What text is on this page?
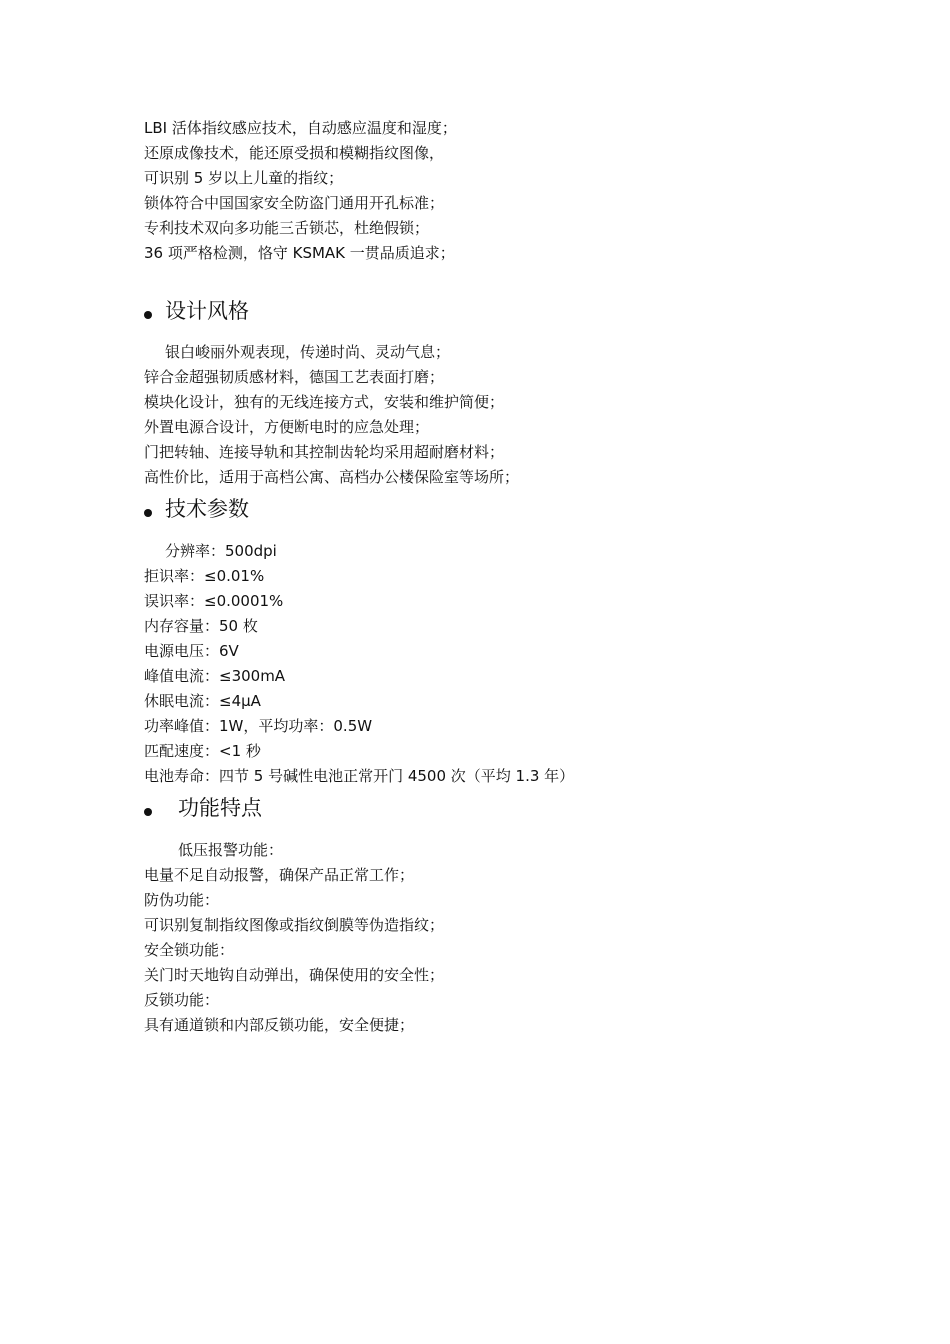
LBI 活体指纹感应技术，自动感应温度和湿度；
还原成像技术，能还原受损和模糊指纹图像，
可识别 5 岁以上儿童的指纹；
锁体符合中国国家安全防盗门通用开孔标准；
专利技术双向多功能三舌锁芯，杜绝假锁；
36 项严格检测，恪守 KSMAK 一贯品质追求；
设计风格
银白峻丽外观表现，传递时尚、灵动气息；
锌合金超强韧质感材料，德国工艺表面打磨；
模块化设计，独有的无线连接方式，安装和维护简便；
外置电源合设计，方便断电时的应急处理；
门把转轴、连接导轨和其控制齿轮均采用超耐磨材料；
高性价比，适用于高档公寓、高档办公楼保险室等场所；
技术参数
分辨率：500dpi
拒识率：≤0.01%
误识率：≤0.0001%
内存容量：50 枚
电源电压：6V
峰值电流：≤300mA
休眠电流：≤4μA
功率峰值：1W，平均功率：0.5W
匹配速度：<1 秒
电池寿命：四节 5 号碱性电池正常开门 4500 次（平均 1.3 年）
功能特点
低压报警功能：
电量不足自动报警，确保产品正常工作；
防伪功能：
可识别复制指纹图像或指纹倒膜等伪造指纹；
安全锁功能：
关门时天地钩自动弹出，确保使用的安全性；
反锁功能：
具有通道锁和内部反锁功能，安全便捷；
